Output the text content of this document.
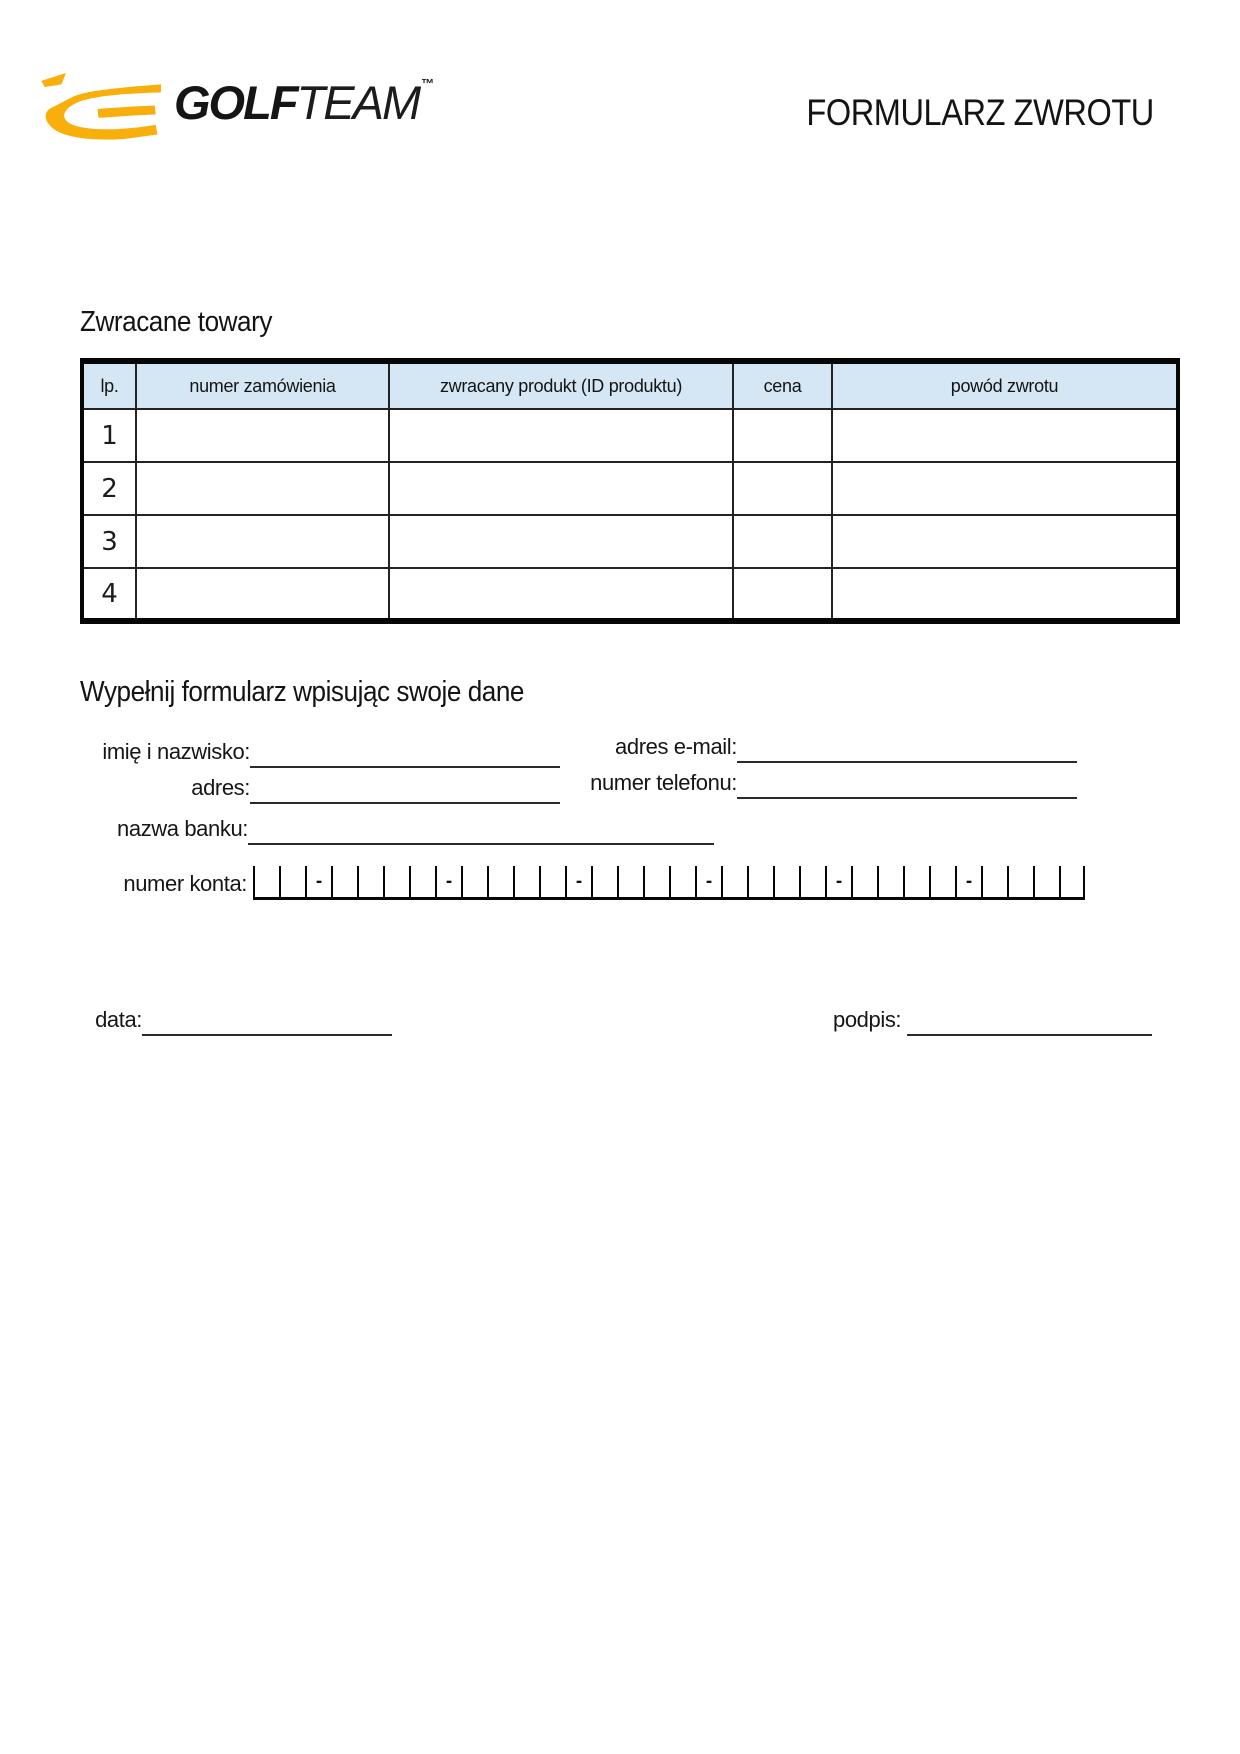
GOLFTEAM ™
FORMULARZ ZWROTU
Zwracane towary
lp.	numer zamówienia	zwracany produkt (ID produktu)	cena	powód zwrotu
1				
2				
3				
4				
Wypełnij formularz wpisując swoje dane
imię i nazwisko:	adres e-mail:
adres:	numer telefonu:
nazwa banku:
numer konta:	-	-	-	-	-	-
data:	podpis:
